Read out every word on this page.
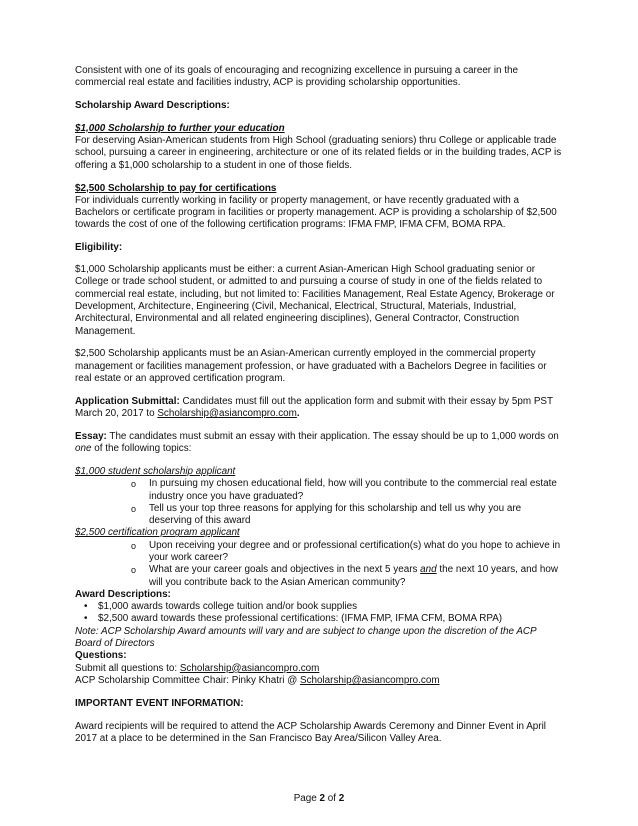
Consistent with one of its goals of encouraging and recognizing excellence in pursuing a career in the commercial real estate and facilities industry, ACP is providing scholarship opportunities.

Scholarship Award Descriptions:

$1,000 Scholarship to further your education

For deserving Asian-American students from High School (graduating seniors) thru College or applicable trade school, pursuing a career in engineering, architecture or one of its related fields or in the building trades, ACP is offering a $1,000 scholarship to a student in one of those fields.

$2,500 Scholarship to pay for certifications

For individuals currently working in facility or property management, or have recently graduated with a Bachelors or certificate program in facilities or property management. ACP is providing a scholarship of $2,500 towards the cost of one of the following certification programs: IFMA FMP, IFMA CFM, BOMA RPA.

Eligibility:

$1,000 Scholarship applicants must be either: a current Asian-American High School graduating senior or College or trade school student, or admitted to and pursuing a course of study in one of the fields related to commercial real estate, including, but not limited to: Facilities Management, Real Estate Agency, Brokerage or Development, Architecture, Engineering (Civil, Mechanical, Electrical, Structural, Materials, Industrial, Architectural, Environmental and all related engineering disciplines), General Contractor, Construction Management.

$2,500 Scholarship applicants must be an Asian-American currently employed in the commercial property management or facilities management profession, or have graduated with a Bachelors Degree in facilities or real estate or an approved certification program.

Application Submittal: Candidates must fill out the application form and submit with their essay by 5pm PST March 20, 2017 to Scholarship@asiancompro.com.

Essay: The candidates must submit an essay with their application. The essay should be up to 1,000 words on one of the following topics:

$1,000 student scholarship applicant

o In pursuing my chosen educational field, how will you contribute to the commercial real estate industry once you have graduated?
o Tell us your top three reasons for applying for this scholarship and tell us why you are deserving of this award

$2,500 certification program applicant

o Upon receiving your degree and or professional certification(s) what do you hope to achieve in your work career?
o What are your career goals and objectives in the next 5 years and the next 10 years, and how will you contribute back to the Asian American community?

Award Descriptions:

• $1,000 awards towards college tuition and/or book supplies
• $2,500 award towards these professional certifications: (IFMA FMP, IFMA CFM, BOMA RPA)

Note: ACP Scholarship Award amounts will vary and are subject to change upon the discretion of the ACP Board of Directors

Questions:

Submit all questions to: Scholarship@asiancompro.com

ACP Scholarship Committee Chair: Pinky Khatri @ Scholarship@asiancompro.com

IMPORTANT EVENT INFORMATION:

Award recipients will be required to attend the ACP Scholarship Awards Ceremony and Dinner Event in April 2017 at a place to be determined in the San Francisco Bay Area/Silicon Valley Area.

Page 2 of 2
